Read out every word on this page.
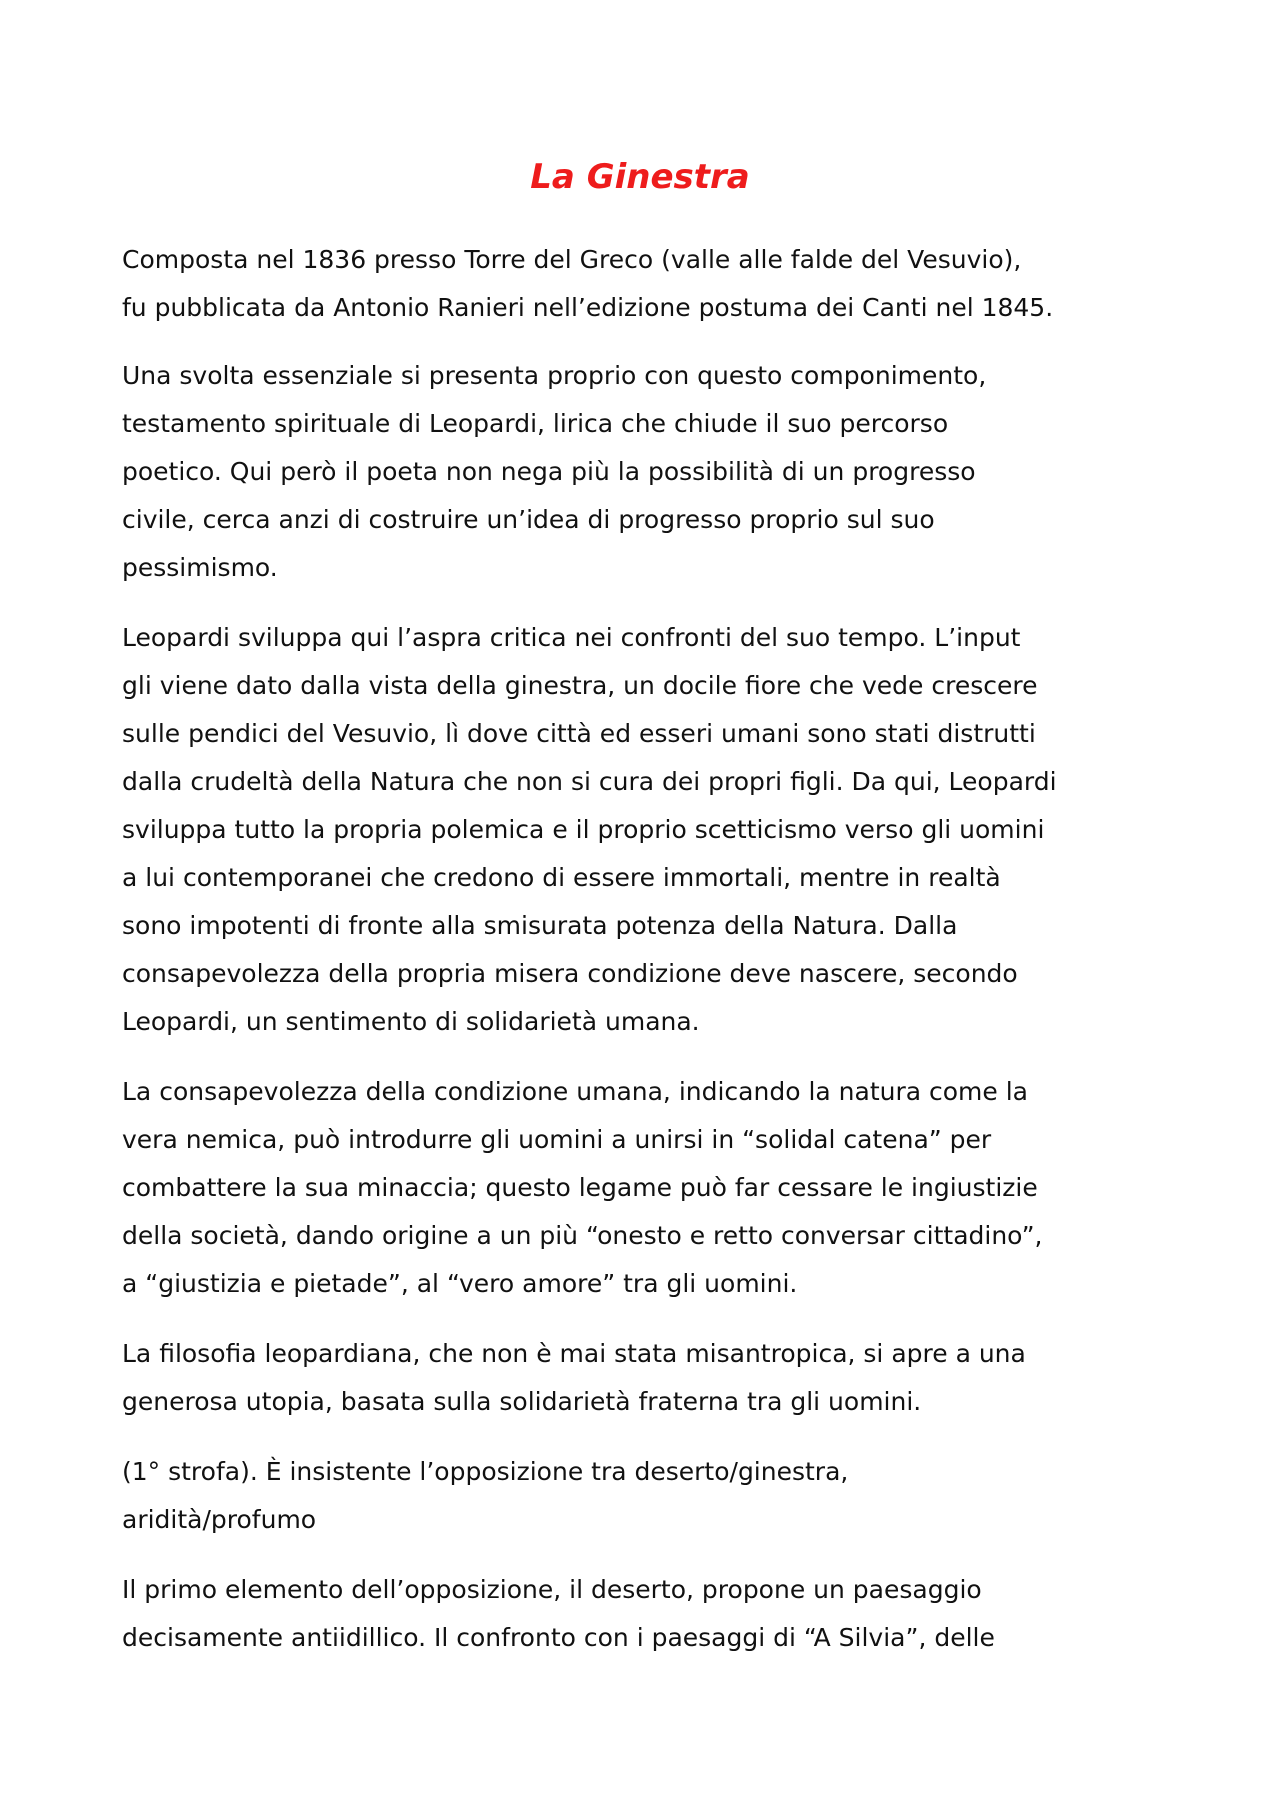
La Ginestra

Composta nel 1836 presso Torre del Greco (valle alle falde del Vesuvio),
fu pubblicata da Antonio Ranieri nell’edizione postuma dei Canti nel 1845.

Una svolta essenziale si presenta proprio con questo componimento,
testamento spirituale di Leopardi, lirica che chiude il suo percorso
poetico. Qui però il poeta non nega più la possibilità di un progresso
civile, cerca anzi di costruire un’idea di progresso proprio sul suo
pessimismo.

Leopardi sviluppa qui l’aspra critica nei confronti del suo tempo. L’input
gli viene dato dalla vista della ginestra, un docile fiore che vede crescere
sulle pendici del Vesuvio, lì dove città ed esseri umani sono stati distrutti
dalla crudeltà della Natura che non si cura dei propri figli. Da qui, Leopardi
sviluppa tutto la propria polemica e il proprio scetticismo verso gli uomini
a lui contemporanei che credono di essere immortali, mentre in realtà
sono impotenti di fronte alla smisurata potenza della Natura. Dalla
consapevolezza della propria misera condizione deve nascere, secondo
Leopardi, un sentimento di solidarietà umana.

La consapevolezza della condizione umana, indicando la natura come la
vera nemica, può introdurre gli uomini a unirsi in “solidal catena” per
combattere la sua minaccia; questo legame può far cessare le ingiustizie
della società, dando origine a un più “onesto e retto conversar cittadino”,
a “giustizia e pietade”, al “vero amore” tra gli uomini.

La filosofia leopardiana, che non è mai stata misantropica, si apre a una
generosa utopia, basata sulla solidarietà fraterna tra gli uomini.

(1° strofa). È insistente l’opposizione tra deserto/ginestra,
aridità/profumo

Il primo elemento dell’opposizione, il deserto, propone un paesaggio
decisamente antiidillico. Il confronto con i paesaggi di “A Silvia”, delle
